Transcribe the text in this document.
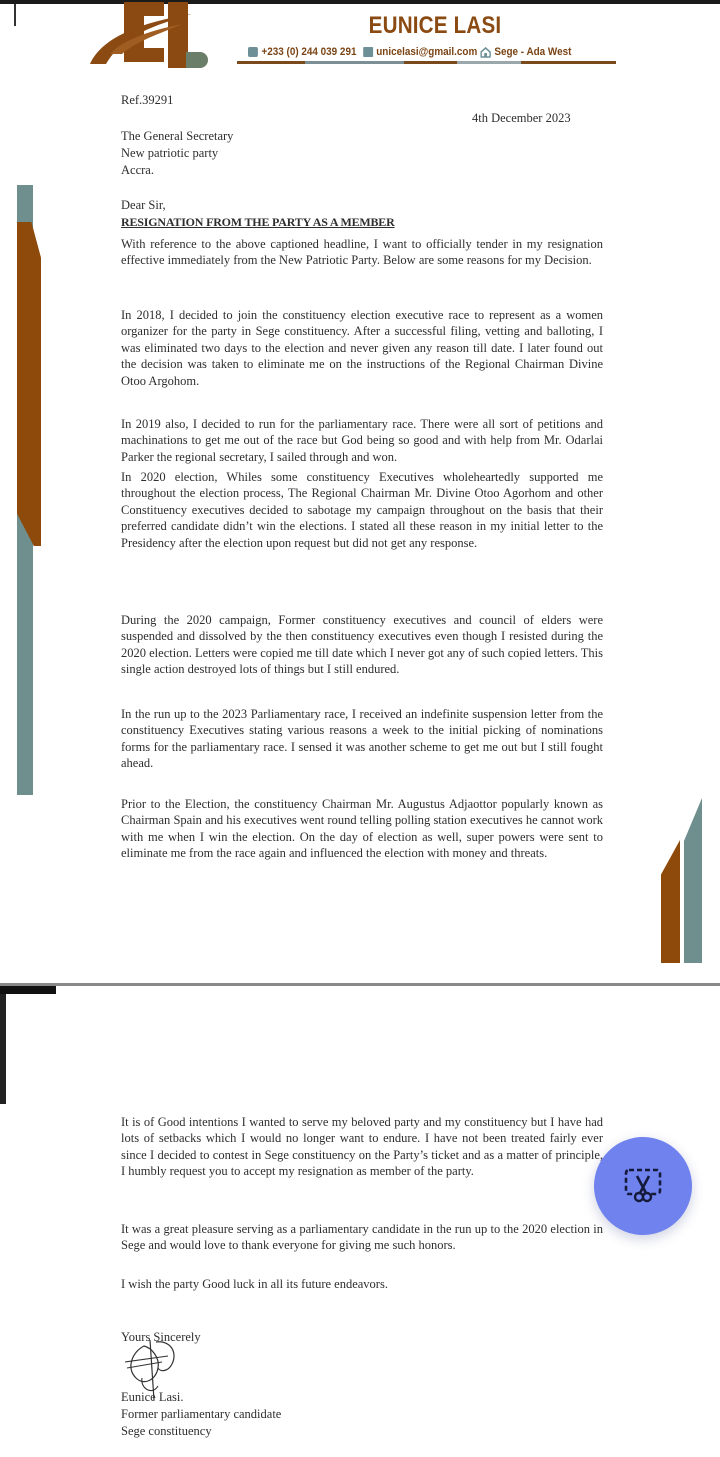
EUNICE LASI
+233 (0) 244 039 291 unicelasi@gmail.com Sege - Ada West
Ref.39291
4th December 2023
The General Secretary
New patriotic party
Accra.
Dear Sir,
RESIGNATION FROM THE PARTY AS A MEMBER
With reference to the above captioned headline, I want to officially tender in my resignation effective immediately from the New Patriotic Party. Below are some reasons for my Decision.
In 2018, I decided to join the constituency election executive race to represent as a women organizer for the party in Sege constituency. After a successful filing, vetting and balloting, I was eliminated two days to the election and never given any reason till date. I later found out the decision was taken to eliminate me on the instructions of the Regional Chairman Divine Otoo Argohom.
In 2019 also, I decided to run for the parliamentary race. There were all sort of petitions and machinations to get me out of the race but God being so good and with help from Mr. Odarlai Parker the regional secretary, I sailed through and won.
In 2020 election, Whiles some constituency Executives wholeheartedly supported me throughout the election process, The Regional Chairman Mr. Divine Otoo Agorhom and other Constituency executives decided to sabotage my campaign throughout on the basis that their preferred candidate didn’t win the elections. I stated all these reason in my initial letter to the Presidency after the election upon request but did not get any response.
During the 2020 campaign, Former constituency executives and council of elders were suspended and dissolved by the then constituency executives even though I resisted during the 2020 election. Letters were copied me till date which I never got any of such copied letters. This single action destroyed lots of things but I still endured.
In the run up to the 2023 Parliamentary race, I received an indefinite suspension letter from the constituency Executives stating various reasons a week to the initial picking of nominations forms for the parliamentary race. I sensed it was another scheme to get me out but I still fought ahead.
Prior to the Election, the constituency Chairman Mr. Augustus Adjaottor popularly known as Chairman Spain and his executives went round telling polling station executives he cannot work with me when I win the election. On the day of election as well, super powers were sent to eliminate me from the race again and influenced the election with money and threats.
It is of Good intentions I wanted to serve my beloved party and my constituency but I have had lots of setbacks which I would no longer want to endure. I have not been treated fairly ever since I decided to contest in Sege constituency on the Party’s ticket and as a matter of principle, I humbly request you to accept my resignation as member of the party.
It was a great pleasure serving as a parliamentary candidate in the run up to the 2020 election in Sege and would love to thank everyone for giving me such honors.
I wish the party Good luck in all its future endeavors.
Yours Sincerely
Eunice Lasi.
Former parliamentary candidate
Sege constituency
